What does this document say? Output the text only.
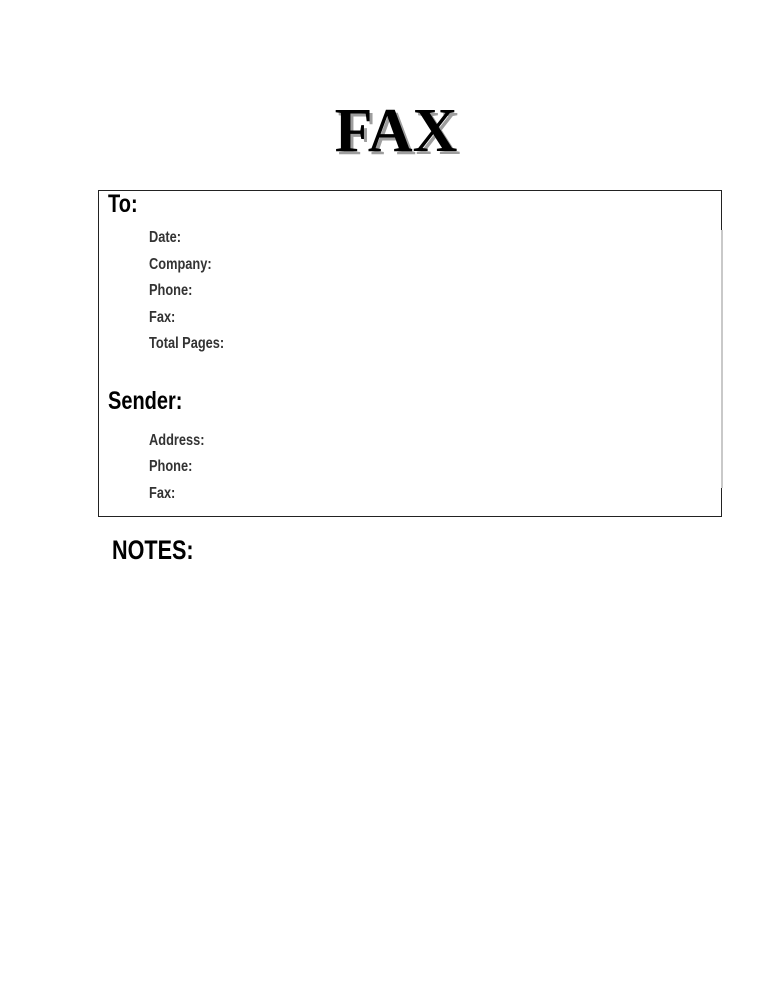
FAX
To:
Date:
Company:
Phone:
Fax:
Total Pages:
Sender:
Address:
Phone:
Fax:
NOTES:
